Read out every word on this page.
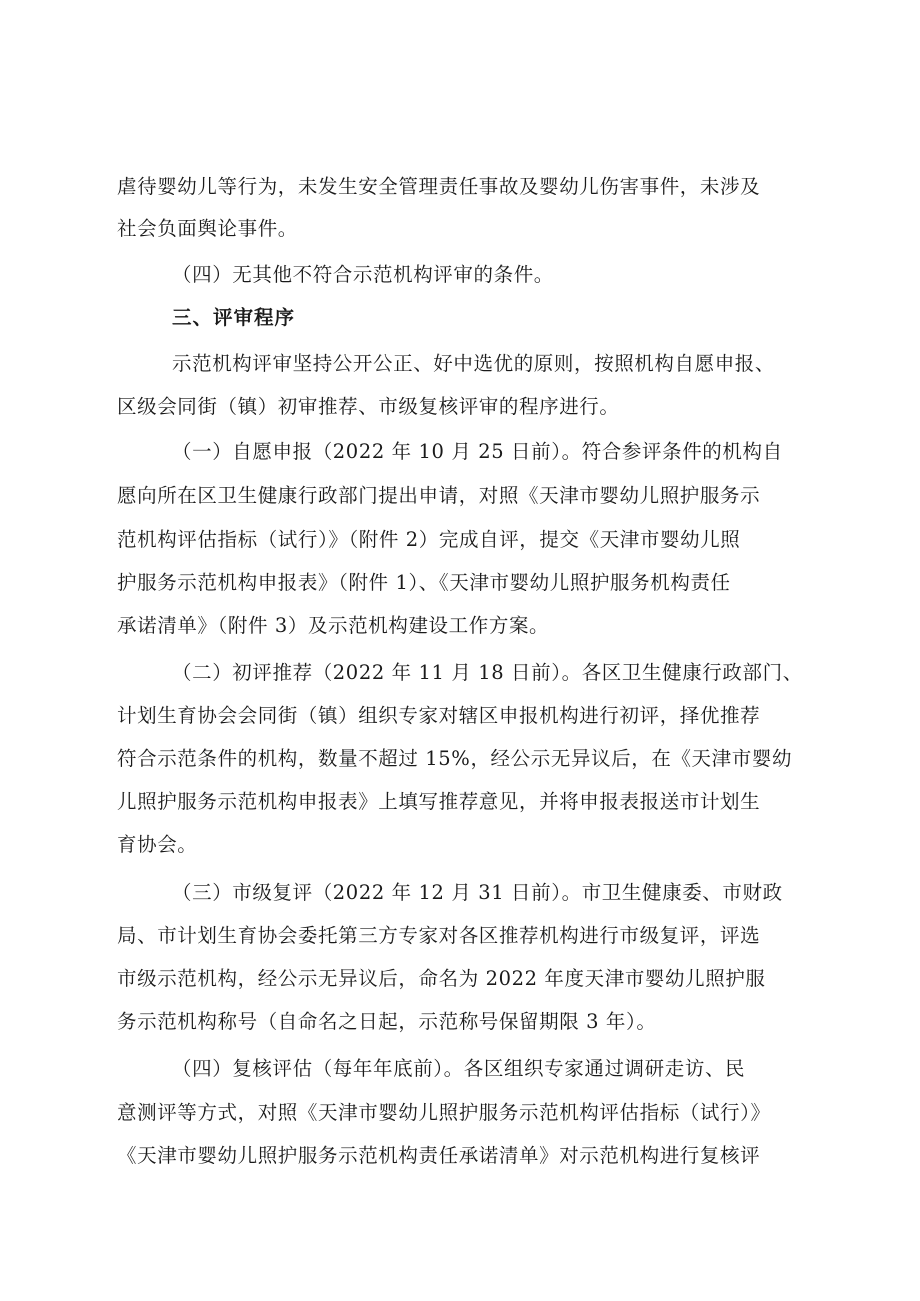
虐待婴幼儿等行为，未发生安全管理责任事故及婴幼儿伤害事件，未涉及
社会负面舆论事件。
（四）无其他不符合示范机构评审的条件。
三、评审程序
示范机构评审坚持公开公正、好中选优的原则，按照机构自愿申报、
区级会同街（镇）初审推荐、市级复核评审的程序进行。
（一）自愿申报（2022 年 10 月 25 日前）。符合参评条件的机构自
愿向所在区卫生健康行政部门提出申请，对照《天津市婴幼儿照护服务示
范机构评估指标（试行）》（附件 2）完成自评，提交《天津市婴幼儿照
护服务示范机构申报表》（附件 1）、《天津市婴幼儿照护服务机构责任
承诺清单》（附件 3）及示范机构建设工作方案。
（二）初评推荐（2022 年 11 月 18 日前）。各区卫生健康行政部门、
计划生育协会会同街（镇）组织专家对辖区申报机构进行初评，择优推荐
符合示范条件的机构，数量不超过 15%，经公示无异议后，在《天津市婴幼
儿照护服务示范机构申报表》上填写推荐意见，并将申报表报送市计划生
育协会。
（三）市级复评（2022 年 12 月 31 日前）。市卫生健康委、市财政
局、市计划生育协会委托第三方专家对各区推荐机构进行市级复评，评选
市级示范机构，经公示无异议后，命名为 2022 年度天津市婴幼儿照护服
务示范机构称号（自命名之日起，示范称号保留期限 3 年）。
（四）复核评估（每年年底前）。各区组织专家通过调研走访、民
意测评等方式，对照《天津市婴幼儿照护服务示范机构评估指标（试行）》
《天津市婴幼儿照护服务示范机构责任承诺清单》对示范机构进行复核评
